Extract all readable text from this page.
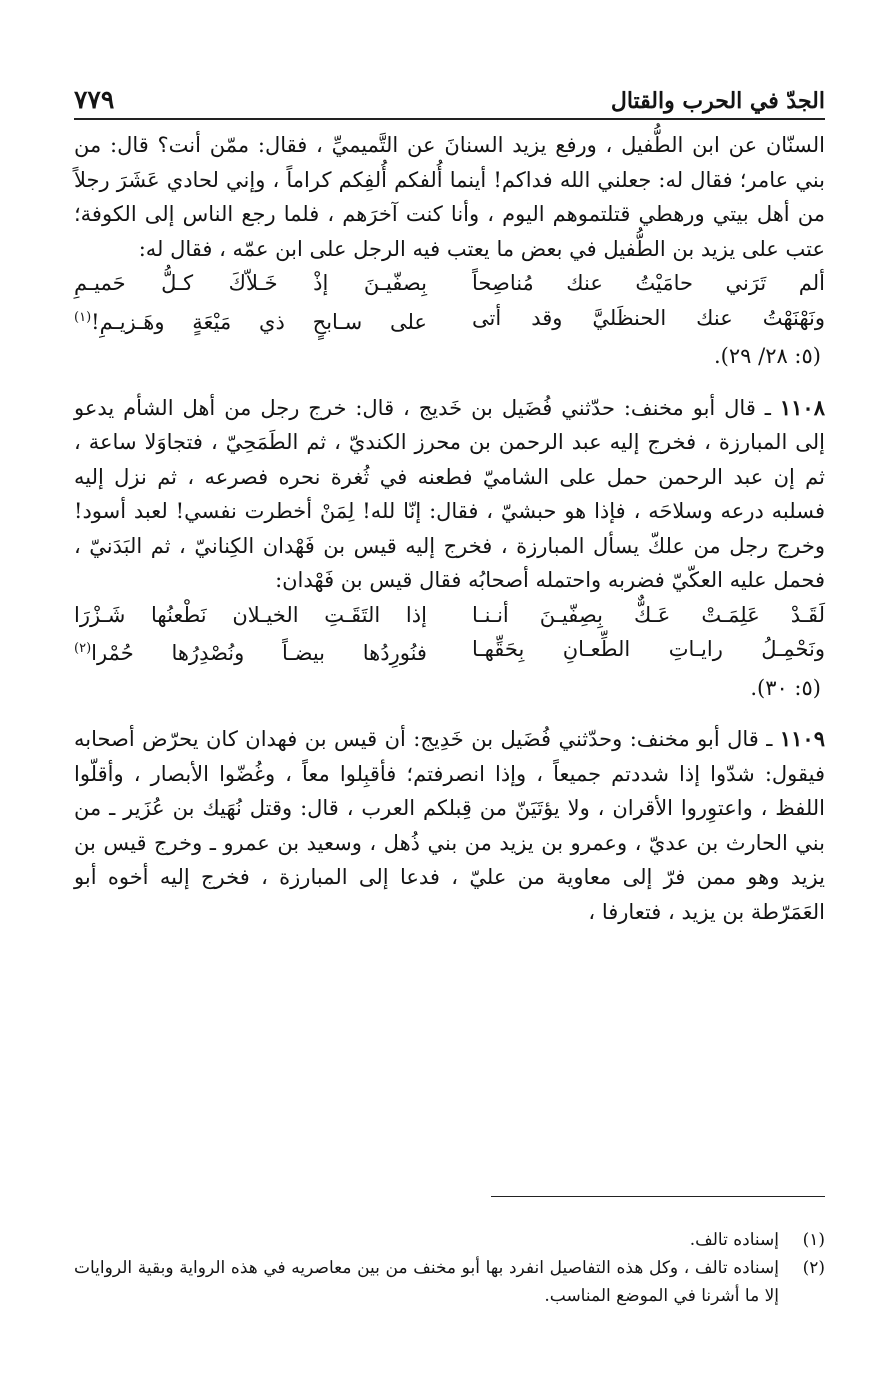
الجدّ في الحرب والقتال
٧٧٩

السنّان عن ابن الطُّفيل ، ورفع يزيد السنانَ عن التَّميميِّ ، فقال: ممّن أنت؟ قال: من بني عامر؛ فقال له: جعلني الله فداكم! أينما أُلفكم أُلفِكم كراماً ، وإني لحادي عَشَرَ رجلاً من أهل بيتي ورهطي قتلتموهم اليوم ، وأنا كنت آخرَهم ، فلما رجع الناس إلى الكوفة؛ عتب على يزيد بن الطُّفيل في بعض ما يعتب فيه الرجل على ابن عمّه ، فقال له:

ألم تَرَني حامَيْتُ عنك مُناصِحاً
بِصفّيـنَ إذْ خَـلاّكَ كـلُّ حَميـمِ
ونَهْنَهْتُ عنك الحنظَليَّ وقد أتى
على سـابحٍ ذي مَيْعَةٍ وهَـزيـمِ!$^{(١)}$

(٥: ٢٨/ ٢٩).

١١٠٨ ـ قال أبو مخنف: حدّثني فُضَيل بن خَديج ، قال: خرج رجل من أهل الشأم يدعو إلى المبارزة ، فخرج إليه عبد الرحمن بن محرز الكنديّ ، ثم الطَمَحِيّ ، فتجاوَلا ساعة ، ثم إن عبد الرحمن حمل على الشاميّ فطعنه في ثُغرة نحره فصرعه ، ثم نزل إليه فسلبه درعه وسلاحَه ، فإذا هو حبشيّ ، فقال: إنّا لله! لِمَنْ أخطرت نفسي! لعبد أسود! وخرج رجل من علكّ يسأل المبارزة ، فخرج إليه قيس بن فَهْدان الكِنانيّ ، ثم البَدَنيّ ، فحمل عليه العكّيّ فضربه واحتمله أصحابُه فقال قيس بن فَهْدان:

لَقَـدْ عَلِمَـتْ عَـكٌّ بِصِفّيـنَ أنـنـا
إذا التَقَـتِ الخيـلان نَطْعنُها شَـزْرَا
ونَحْمِـلُ رايـاتِ الطِّعـانِ بِحَقِّهـا
فنُورِدُها بيضـاً ونُصْدِرُها حُمْرا$^{(٢)}$

(٥: ٣٠).

١١٠٩ ـ قال أبو مخنف: وحدّثني فُضَيل بن خَدِيج: أن قيس بن فهدان كان يحرّض أصحابه فيقول: شدّوا إذا شددتم جميعاً ، وإذا انصرفتم؛ فأقبِلوا معاً ، وغُضّوا الأبصار ، وأقلّوا اللفظ ، واعتوِروا الأقران ، ولا يؤتَيَنّ من قِبلكم العرب ، قال: وقتل نُهَيك بن عُزَير ـ من بني الحارث بن عديّ ، وعمرو بن يزيد من بني ذُهل ، وسعيد بن عمرو ـ وخرج قيس بن يزيد وهو ممن فرّ إلى معاوية من عليّ ، فدعا إلى المبارزة ، فخرج إليه أخوه أبو العَمَرّطة بن يزيد ، فتعارفا ،

(١)
إسناده تالف.

(٢)
إسناده تالف ، وكل هذه التفاصيل انفرد بها أبو مخنف من بين معاصريه في هذه الرواية وبقية الروايات إلا ما أشرنا في الموضع المناسب.
